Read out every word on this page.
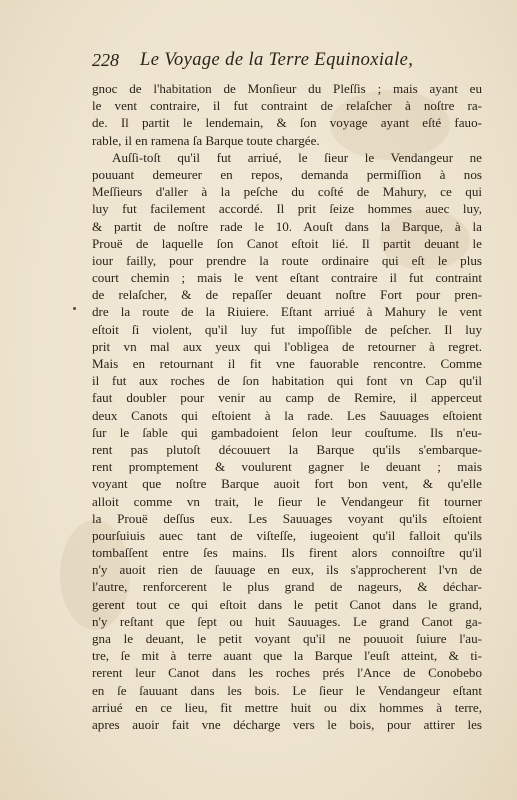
228 Le Voyage de la Terre Equinoxiale,
gnoc de l'habitation de Monſieur du Pleſſis ; mais ayant eu
le vent contraire, il fut contraint de relaſcher à noſtre ra-
de. Il partit le lendemain, & ſon voyage ayant eſté fauo-
rable, il en ramena ſa Barque toute chargée.
Auſſi-toſt qu'il fut arriué, le ſieur le Vendangeur ne
pouuant demeurer en repos, demanda permiſſion à nos
Meſſieurs d'aller à la peſche du coſté de Mahury, ce qui
luy fut facilement accordé. Il prit ſeize hommes auec luy,
& partit de noſtre rade le 10. Aouſt dans la Barque, à la
Prouë de laquelle ſon Canot eſtoit lié. Il partit deuant le
iour failly, pour prendre la route ordinaire qui eſt le plus
court chemin ; mais le vent eſtant contraire il fut contraint
de relaſcher, & de repaſſer deuant noſtre Fort pour pren-
dre la route de la Riuiere. Eſtant arriué à Mahury le vent
eſtoit ſi violent, qu'il luy fut impoſſible de peſcher. Il luy
prit vn mal aux yeux qui l'obligea de retourner à regret.
Mais en retournant il fit vne fauorable rencontre. Comme
il fut aux roches de ſon habitation qui font vn Cap qu'il
faut doubler pour venir au camp de Remire, il apperceut
deux Canots qui eſtoient à la rade. Les Sauuages eſtoient
ſur le ſable qui gambadoient ſelon leur couſtume. Ils n'eu-
rent pas plutoſt découuert la Barque qu'ils s'embarque-
rent promptement & voulurent gagner le deuant ; mais
voyant que noſtre Barque auoit fort bon vent, & qu'elle
alloit comme vn trait, le ſieur le Vendangeur fit tourner
la Prouë deſſus eux. Les Sauuages voyant qu'ils eſtoient
pourſuiuis auec tant de viſteſſe, iugeoient qu'il falloit qu'ils
tombaſſent entre ſes mains. Ils firent alors connoiſtre qu'il
n'y auoit rien de ſauuage en eux, ils s'approcherent l'vn de
l'autre, renforcerent le plus grand de nageurs, & déchar-
gerent tout ce qui eſtoit dans le petit Canot dans le grand,
n'y reſtant que ſept ou huit Sauuages. Le grand Canot ga-
gna le deuant, le petit voyant qu'il ne pouuoit ſuiure l'au-
tre, ſe mit à terre auant que la Barque l'euſt atteint, & ti-
rerent leur Canot dans les roches prés l'Ance de Conobebo
en ſe ſauuant dans les bois. Le ſieur le Vendangeur eſtant
arriué en ce lieu, fit mettre huit ou dix hommes à terre,
apres auoir fait vne décharge vers le bois, pour attirer les
